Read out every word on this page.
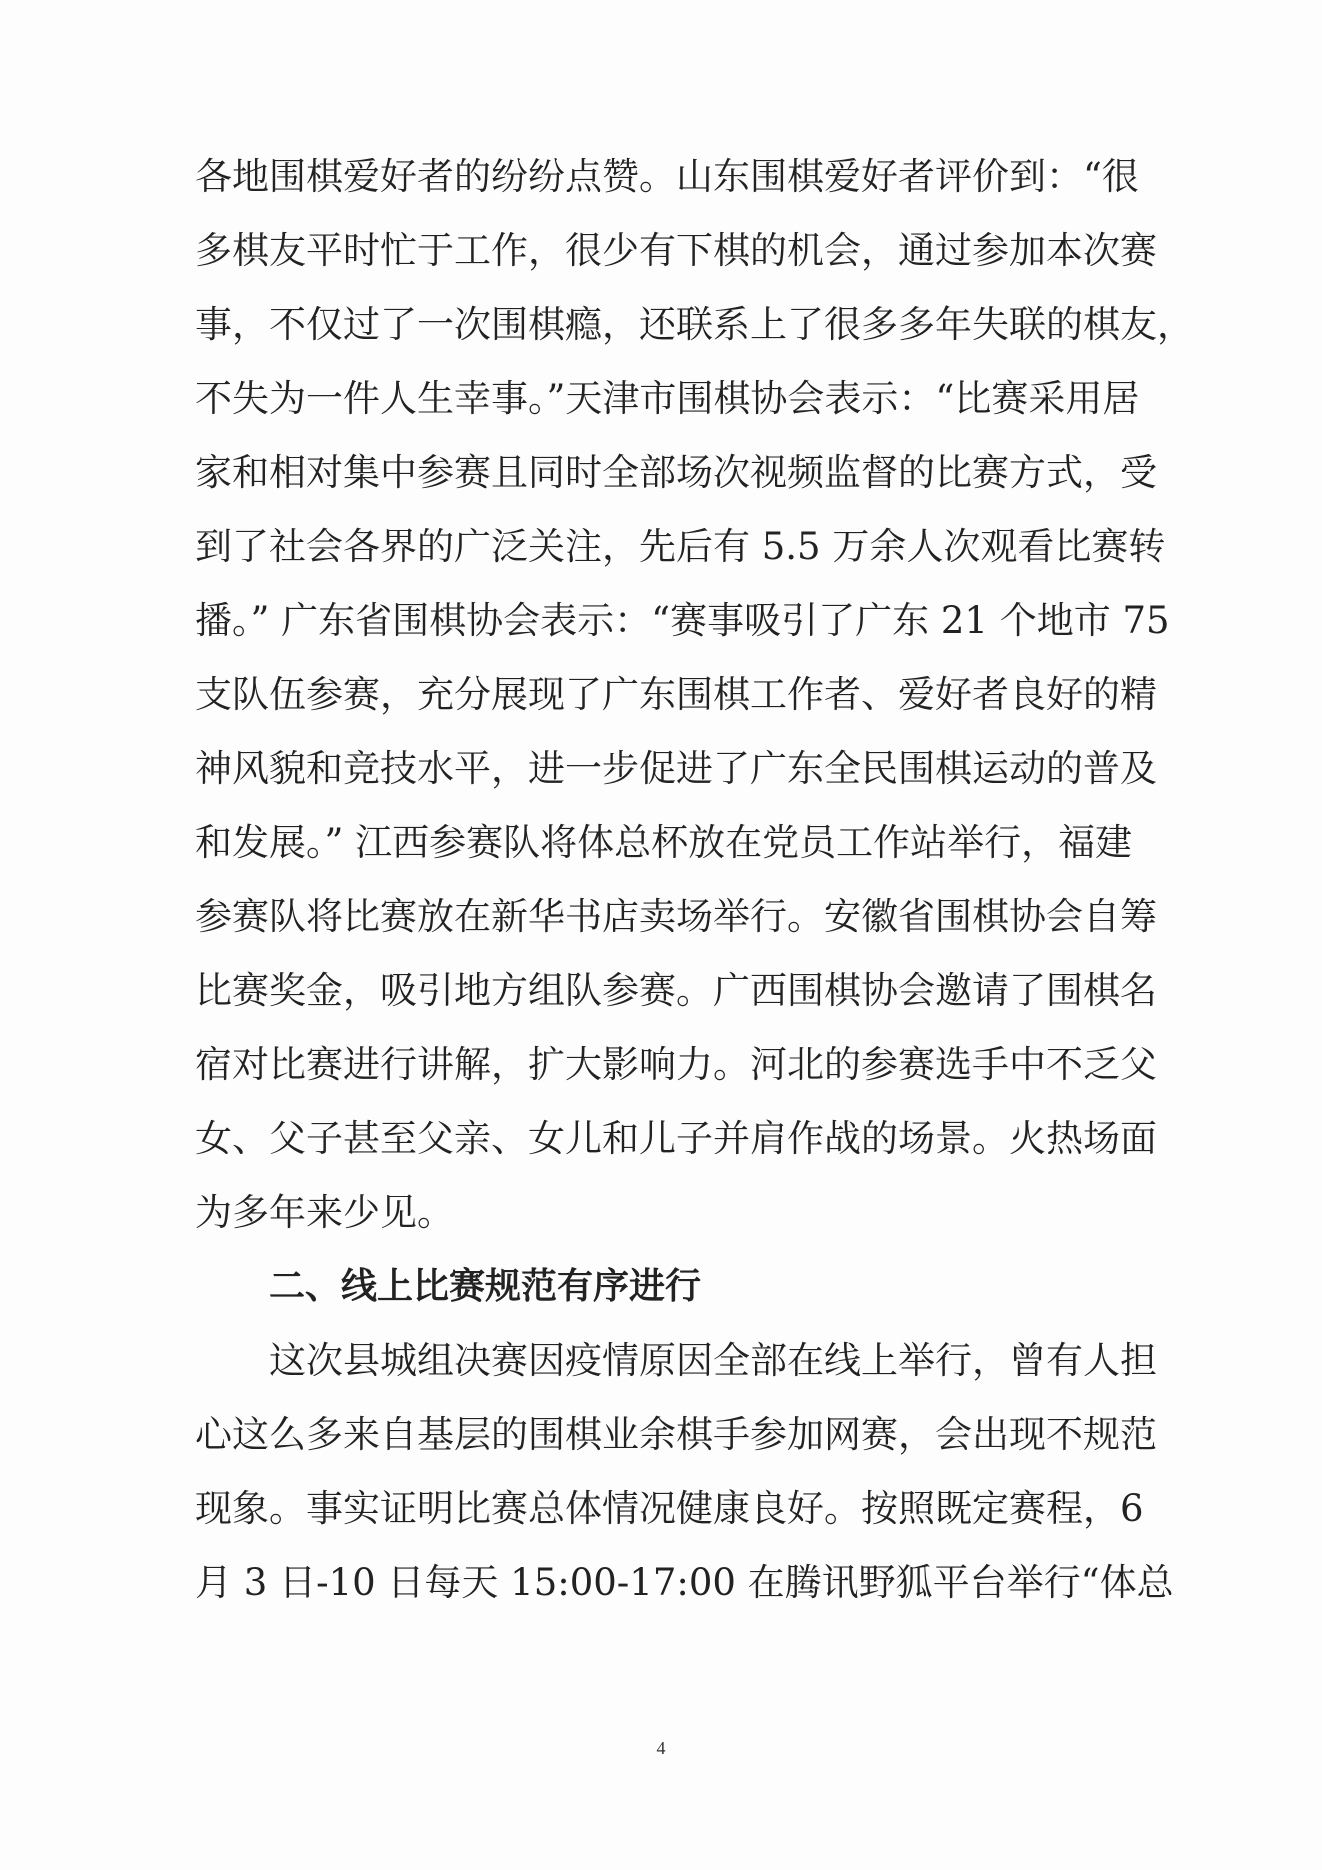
各地围棋爱好者的纷纷点赞。山东围棋爱好者评价到：“很
多棋友平时忙于工作，很少有下棋的机会，通过参加本次赛
事，不仅过了一次围棋瘾，还联系上了很多多年失联的棋友，
不失为一件人生幸事。”天津市围棋协会表示：“比赛采用居
家和相对集中参赛且同时全部场次视频监督的比赛方式，受
到了社会各界的广泛关注，先后有 5.5 万余人次观看比赛转
播。” 广东省围棋协会表示：“赛事吸引了广东 21 个地市 75
支队伍参赛，充分展现了广东围棋工作者、爱好者良好的精
神风貌和竞技水平，进一步促进了广东全民围棋运动的普及
和发展。” 江西参赛队将体总杯放在党员工作站举行，福建
参赛队将比赛放在新华书店卖场举行。安徽省围棋协会自筹
比赛奖金，吸引地方组队参赛。广西围棋协会邀请了围棋名
宿对比赛进行讲解，扩大影响力。河北的参赛选手中不乏父
女、父子甚至父亲、女儿和儿子并肩作战的场景。火热场面
为多年来少见。
二、线上比赛规范有序进行
这次县城组决赛因疫情原因全部在线上举行，曾有人担
心这么多来自基层的围棋业余棋手参加网赛，会出现不规范
现象。事实证明比赛总体情况健康良好。按照既定赛程，6
月 3 日-10 日每天 15:00-17:00 在腾讯野狐平台举行“体总
4
